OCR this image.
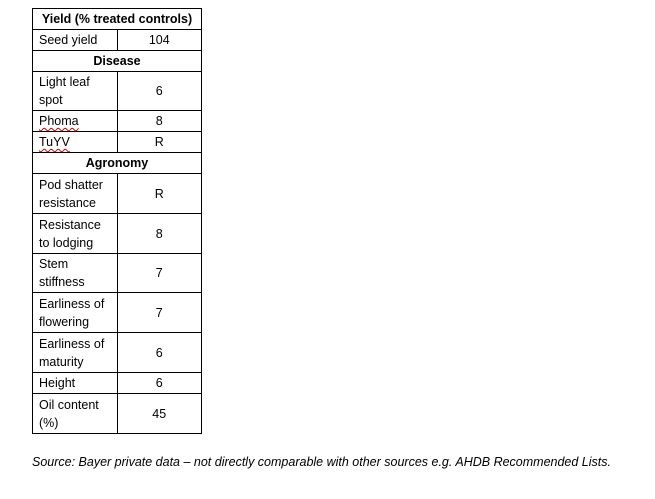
Yield (% treated controls)	
Seed yield	104
Disease	
Light leaf spot	6
Phoma	8
TuYV	R
Agronomy	
Pod shatter resistance	R
Resistance to lodging	8
Stem stiffness	7
Earliness of flowering	7
Earliness of maturity	6
Height	6
Oil content (%)	45

Source: Bayer private data – not directly comparable with other sources e.g. AHDB Recommended Lists.
